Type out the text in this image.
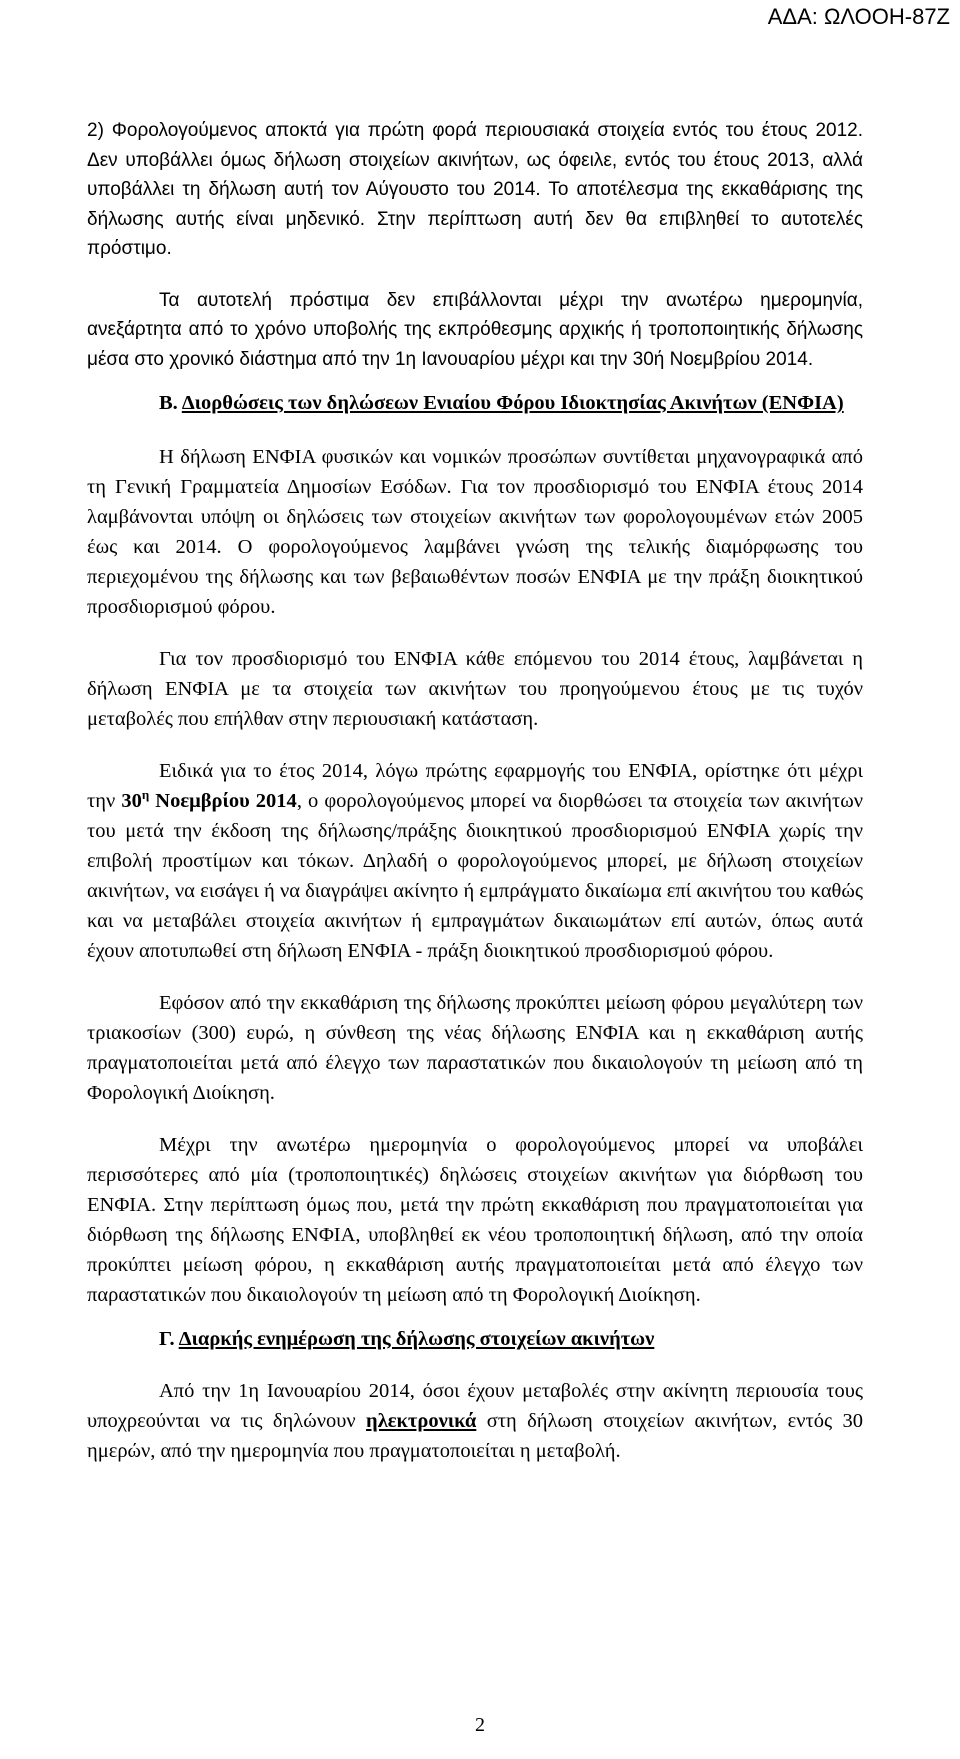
ΑΔΑ: ΩΛΟΟΗ-87Ζ

2) Φορολογούμενος αποκτά για πρώτη φορά περιουσιακά στοιχεία εντός του έτους 2012. Δεν υποβάλλει όμως δήλωση στοιχείων ακινήτων, ως όφειλε, εντός του έτους 2013, αλλά υποβάλλει τη δήλωση αυτή τον Αύγουστο του 2014. Το αποτέλεσμα της εκκαθάρισης της δήλωσης αυτής είναι μηδενικό. Στην περίπτωση αυτή δεν θα επιβληθεί το αυτοτελές πρόστιμο.

Τα αυτοτελή πρόστιμα δεν επιβάλλονται μέχρι την ανωτέρω ημερομηνία, ανεξάρτητα από το χρόνο υποβολής της εκπρόθεσμης αρχικής ή τροποποιητικής δήλωσης μέσα στο χρονικό διάστημα από την 1η Ιανουαρίου μέχρι και την 30ή Νοεμβρίου 2014.

Β. Διορθώσεις των δηλώσεων Ενιαίου Φόρου Ιδιοκτησίας Ακινήτων (ΕΝΦΙΑ)

Η δήλωση ΕΝΦΙΑ φυσικών και νομικών προσώπων συντίθεται μηχανογραφικά από τη Γενική Γραμματεία Δημοσίων Εσόδων. Για τον προσδιορισμό του ΕΝΦΙΑ έτους 2014 λαμβάνονται υπόψη οι δηλώσεις των στοιχείων ακινήτων των φορολογουμένων ετών 2005 έως και 2014. Ο φορολογούμενος λαμβάνει γνώση της τελικής διαμόρφωσης του περιεχομένου της δήλωσης και των βεβαιωθέντων ποσών ΕΝΦΙΑ με την πράξη διοικητικού προσδιορισμού φόρου.

Για τον προσδιορισμό του ΕΝΦΙΑ κάθε επόμενου του 2014 έτους, λαμβάνεται η δήλωση ΕΝΦΙΑ με τα στοιχεία των ακινήτων του προηγούμενου έτους με τις τυχόν μεταβολές που επήλθαν στην περιουσιακή κατάσταση.

Ειδικά για το έτος 2014, λόγω πρώτης εφαρμογής του ΕΝΦΙΑ, ορίστηκε ότι μέχρι την $30^\eta$ Νοεμβρίου 2014, ο φορολογούμενος μπορεί να διορθώσει τα στοιχεία των ακινήτων του μετά την έκδοση της δήλωσης/πράξης διοικητικού προσδιορισμού ΕΝΦΙΑ χωρίς την επιβολή προστίμων και τόκων. Δηλαδή ο φορολογούμενος μπορεί, με δήλωση στοιχείων ακινήτων, να εισάγει ή να διαγράψει ακίνητο ή εμπράγματο δικαίωμα επί ακινήτου του καθώς και να μεταβάλει στοιχεία ακινήτων ή εμπραγμάτων δικαιωμάτων επί αυτών, όπως αυτά έχουν αποτυπωθεί στη δήλωση ΕΝΦΙΑ - πράξη διοικητικού προσδιορισμού φόρου.

Εφόσον από την εκκαθάριση της δήλωσης προκύπτει μείωση φόρου μεγαλύτερη των τριακοσίων (300) ευρώ, η σύνθεση της νέας δήλωσης ΕΝΦΙΑ και η εκκαθάριση αυτής πραγματοποιείται μετά από έλεγχο των παραστατικών που δικαιολογούν τη μείωση από τη Φορολογική Διοίκηση.

Μέχρι την ανωτέρω ημερομηνία ο φορολογούμενος μπορεί να υποβάλει περισσότερες από μία (τροποποιητικές) δηλώσεις στοιχείων ακινήτων για διόρθωση του ΕΝΦΙΑ. Στην περίπτωση όμως που, μετά την πρώτη εκκαθάριση που πραγματοποιείται για διόρθωση της δήλωσης ΕΝΦΙΑ, υποβληθεί εκ νέου τροποποιητική δήλωση, από την οποία προκύπτει μείωση φόρου, η εκκαθάριση αυτής πραγματοποιείται μετά από έλεγχο των παραστατικών που δικαιολογούν τη μείωση από τη Φορολογική Διοίκηση.

Γ. Διαρκής ενημέρωση της δήλωσης στοιχείων ακινήτων

Από την 1η Ιανουαρίου 2014, όσοι έχουν μεταβολές στην ακίνητη περιουσία τους υποχρεούνται να τις δηλώνουν ηλεκτρονικά στη δήλωση στοιχείων ακινήτων, εντός 30 ημερών, από την ημερομηνία που πραγματοποιείται η μεταβολή.

2
